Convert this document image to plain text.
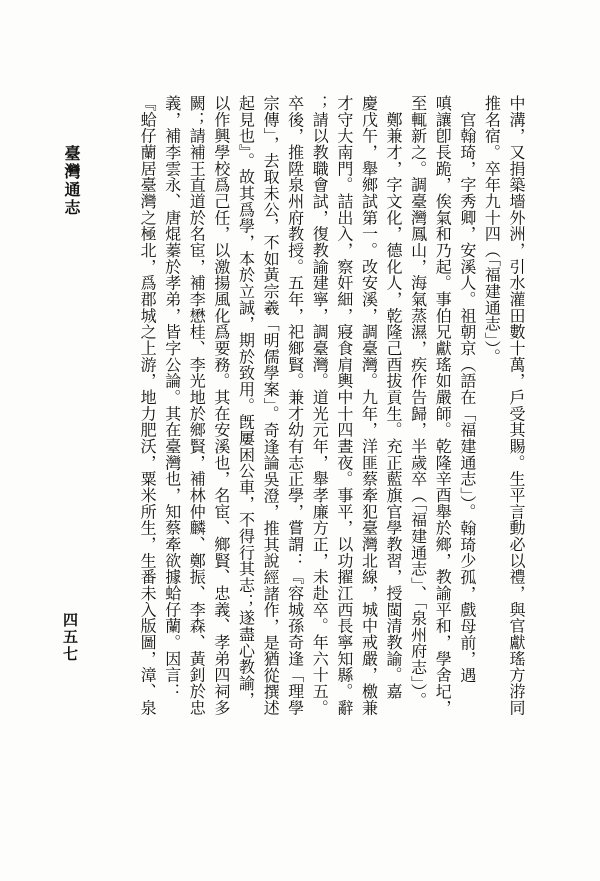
臺灣通志
四五七	中溝，又捐築墻外洲，引水灌田數十萬，戶受其賜。生平言動必以禮，與官獻瑤方㳺同
推名宿。卒年九十四（「福建通志」）。
　官翰琦，字秀卿，安溪人。祖朝京（語在「福建通志」）。翰琦少孤，戲母前，遇
嗔讓卽長跪，俟氣和乃起。事伯兄獻瑤如嚴師。乾隆辛酉舉於鄉，教諭平和，學舍圮，
至輒新之。調臺灣鳳山，海氣蒸濕，疾作告歸，半歲卒（「福建通志」、「泉州府志」）。
　鄭兼才，字文化，德化人，乾隆己酉拔貢生。充正藍旗官學教習，授閩清教諭。嘉
慶戊午，舉鄉試第一。改安溪，調臺灣。九年，洋匪蔡牽犯臺灣北線，城中戒嚴，檄兼
才守大南門。詰出入，察奸細，寢食肩輿中十四晝夜。事平，以功擢江西長寧知縣。辭
；請以教職會試，復教諭建寧，調臺灣。道光元年，舉孝廉方正，未赴卒。年六十五。
卒後，推陞泉州府教授。五年，祀鄉賢。兼才幼有志正學，嘗謂：『容城孫奇逢「理學
宗傳」，去取未公，不如黃宗羲「明儒學案」。奇逢論吳澄，推其說經諸作，是猶從撰述
起見也』。故其爲學，本於立誠，期於致用。旣屢困公車，不得行其志；遂盡心教諭，
以作興學校爲己任，以激揚風化爲要務。其在安溪也，名宦、鄉賢、忠義、孝弟四祠多
闕；請補王直道於名宦，補李懋桂、李光地於鄉賢，補林仲麟、鄭振、李森、黃釗於忠
義，補李雲永、唐焜蓁於孝弟，皆字公論。其在臺灣也，知蔡牽欲據蛤仔蘭。因言：
『蛤仔蘭居臺灣之極北，爲郡城之上游，地力肥沃，粟米所生，生番未入版圖，漳、泉
